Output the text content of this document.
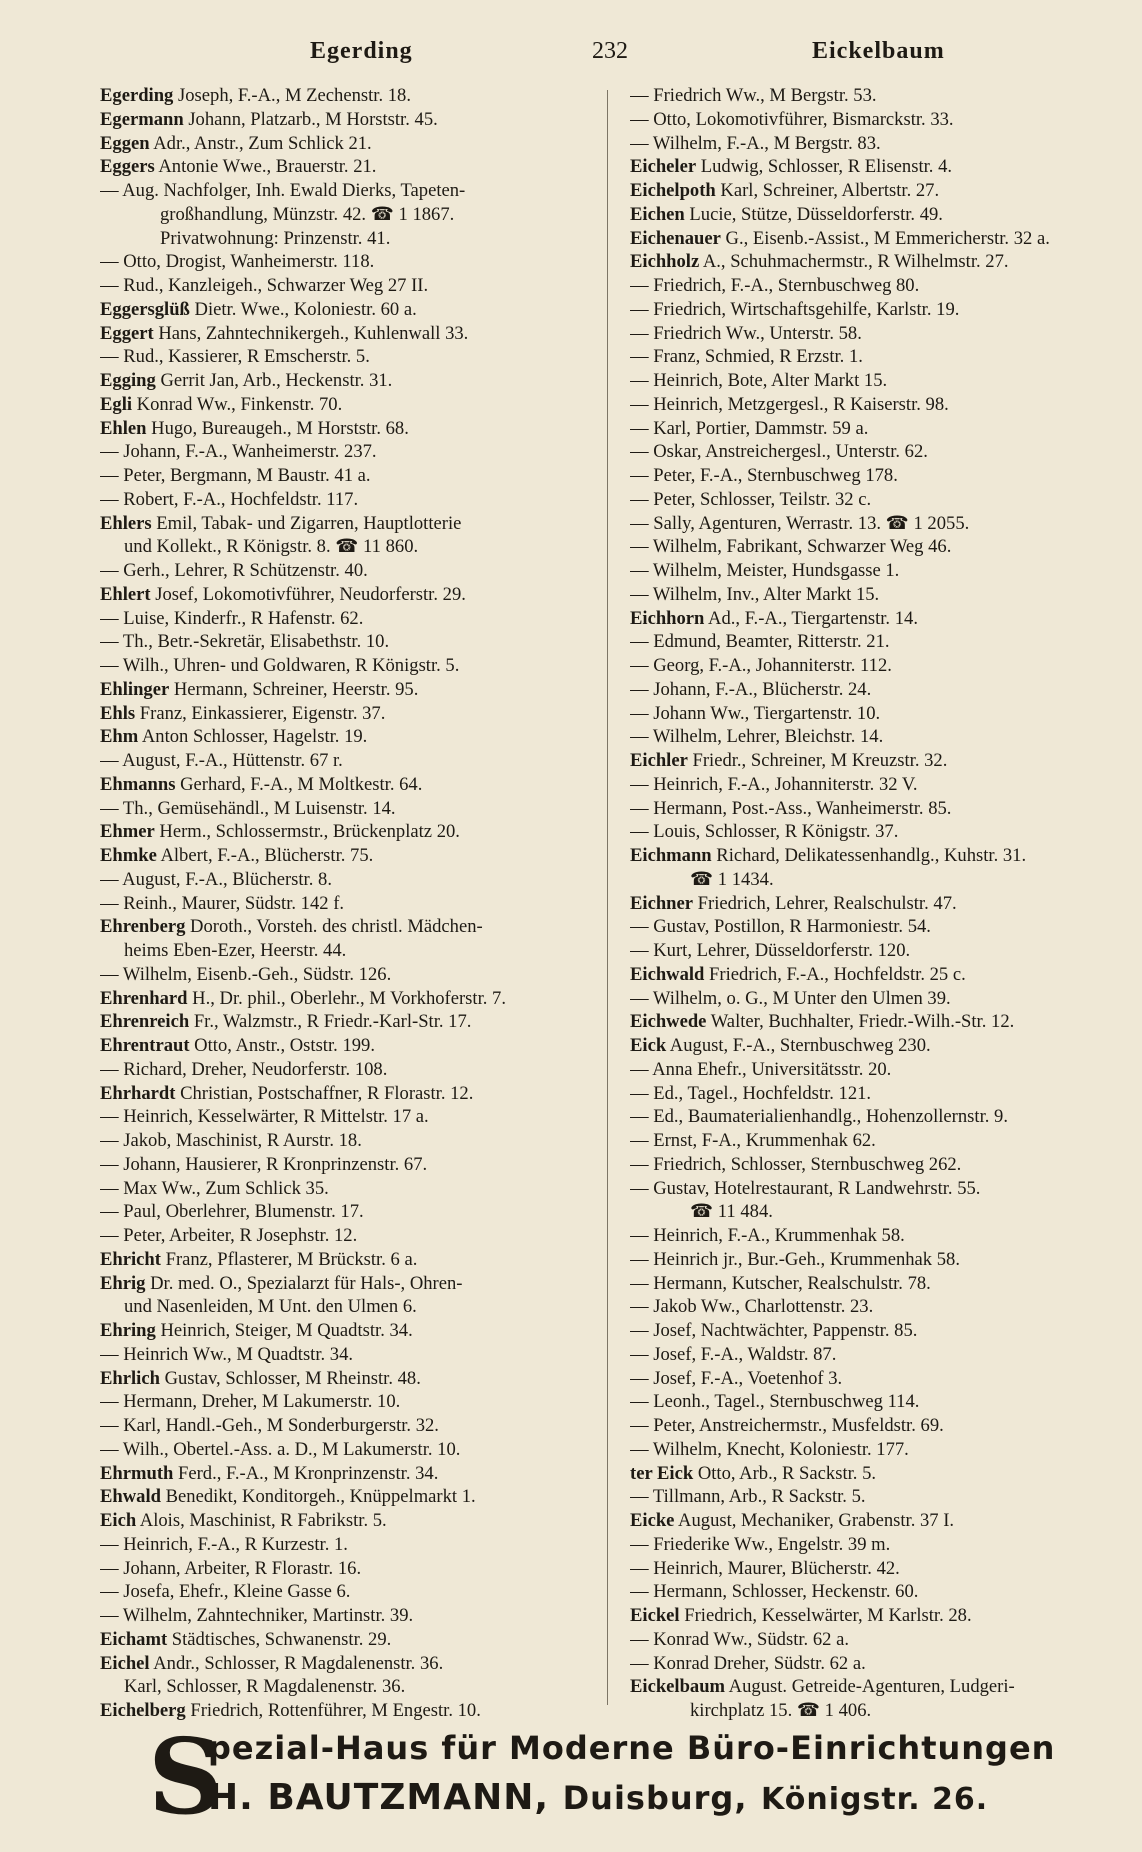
Egerding	232	Eickelbaum
Egerding Joseph, F.-A., M Zechenstr. 18.
Egermann Johann, Platzarb., M Horststr. 45.
Eggen Adr., Anstr., Zum Schlick 21.
Eggers Antonie Wwe., Brauerstr. 21.
— Aug. Nachfolger, Inh. Ewald Dierks, Tapeten-
großhandlung, Münzstr. 42. ☎ 1 1867.
Privatwohnung: Prinzenstr. 41.
— Otto, Drogist, Wanheimerstr. 118.
— Rud., Kanzleigeh., Schwarzer Weg 27 II.
Eggersglüß Dietr. Wwe., Koloniestr. 60 a.
Eggert Hans, Zahntechnikergeh., Kuhlenwall 33.
— Rud., Kassierer, R Emscherstr. 5.
Egging Gerrit Jan, Arb., Heckenstr. 31.
Egli Konrad Ww., Finkenstr. 70.
Ehlen Hugo, Bureaugeh., M Horststr. 68.
— Johann, F.-A., Wanheimerstr. 237.
— Peter, Bergmann, M Baustr. 41 a.
— Robert, F.-A., Hochfeldstr. 117.
Ehlers Emil, Tabak- und Zigarren, Hauptlotterie
und Kollekt., R Königstr. 8. ☎ 11 860.
— Gerh., Lehrer, R Schützenstr. 40.
Ehlert Josef, Lokomotivführer, Neudorferstr. 29.
— Luise, Kinderfr., R Hafenstr. 62.
— Th., Betr.-Sekretär, Elisabethstr. 10.
— Wilh., Uhren- und Goldwaren, R Königstr. 5.
Ehlinger Hermann, Schreiner, Heerstr. 95.
Ehls Franz, Einkassierer, Eigenstr. 37.
Ehm Anton Schlosser, Hagelstr. 19.
— August, F.-A., Hüttenstr. 67 r.
Ehmanns Gerhard, F.-A., M Moltkestr. 64.
— Th., Gemüsehändl., M Luisenstr. 14.
Ehmer Herm., Schlossermstr., Brückenplatz 20.
Ehmke Albert, F.-A., Blücherstr. 75.
— August, F.-A., Blücherstr. 8.
— Reinh., Maurer, Südstr. 142 f.
Ehrenberg Doroth., Vorsteh. des christl. Mädchen-
heims Eben-Ezer, Heerstr. 44.
— Wilhelm, Eisenb.-Geh., Südstr. 126.
Ehrenhard H., Dr. phil., Oberlehr., M Vorkhoferstr. 7.
Ehrenreich Fr., Walzmstr., R Friedr.-Karl-Str. 17.
Ehrentraut Otto, Anstr., Oststr. 199.
— Richard, Dreher, Neudorferstr. 108.
Ehrhardt Christian, Postschaffner, R Florastr. 12.
— Heinrich, Kesselwärter, R Mittelstr. 17 a.
— Jakob, Maschinist, R Aurstr. 18.
— Johann, Hausierer, R Kronprinzenstr. 67.
— Max Ww., Zum Schlick 35.
— Paul, Oberlehrer, Blumenstr. 17.
— Peter, Arbeiter, R Josephstr. 12.
Ehricht Franz, Pflasterer, M Brückstr. 6 a.
Ehrig Dr. med. O., Spezialarzt für Hals-, Ohren-
und Nasenleiden, M Unt. den Ulmen 6.
Ehring Heinrich, Steiger, M Quadtstr. 34.
— Heinrich Ww., M Quadtstr. 34.
Ehrlich Gustav, Schlosser, M Rheinstr. 48.
— Hermann, Dreher, M Lakumerstr. 10.
— Karl, Handl.-Geh., M Sonderburgerstr. 32.
— Wilh., Obertel.-Ass. a. D., M Lakumerstr. 10.
Ehrmuth Ferd., F.-A., M Kronprinzenstr. 34.
Ehwald Benedikt, Konditorgeh., Knüppelmarkt 1.
Eich Alois, Maschinist, R Fabrikstr. 5.
— Heinrich, F.-A., R Kurzestr. 1.
— Johann, Arbeiter, R Florastr. 16.
— Josefa, Ehefr., Kleine Gasse 6.
— Wilhelm, Zahntechniker, Martinstr. 39.
Eichamt Städtisches, Schwanenstr. 29.
Eichel Andr., Schlosser, R Magdalenenstr. 36.
Karl, Schlosser, R Magdalenenstr. 36.
Eichelberg Friedrich, Rottenführer, M Engestr. 10.
— Friedrich Ww., M Bergstr. 53.
— Otto, Lokomotivführer, Bismarckstr. 33.
— Wilhelm, F.-A., M Bergstr. 83.
Eicheler Ludwig, Schlosser, R Elisenstr. 4.
Eichelpoth Karl, Schreiner, Albertstr. 27.
Eichen Lucie, Stütze, Düsseldorferstr. 49.
Eichenauer G., Eisenb.-Assist., M Emmericherstr. 32 a.
Eichholz A., Schuhmachermstr., R Wilhelmstr. 27.
— Friedrich, F.-A., Sternbuschweg 80.
— Friedrich, Wirtschaftsgehilfe, Karlstr. 19.
— Friedrich Ww., Unterstr. 58.
— Franz, Schmied, R Erzstr. 1.
— Heinrich, Bote, Alter Markt 15.
— Heinrich, Metzgergesl., R Kaiserstr. 98.
— Karl, Portier, Dammstr. 59 a.
— Oskar, Anstreichergesl., Unterstr. 62.
— Peter, F.-A., Sternbuschweg 178.
— Peter, Schlosser, Teilstr. 32 c.
— Sally, Agenturen, Werrastr. 13. ☎ 1 2055.
— Wilhelm, Fabrikant, Schwarzer Weg 46.
— Wilhelm, Meister, Hundsgasse 1.
— Wilhelm, Inv., Alter Markt 15.
Eichhorn Ad., F.-A., Tiergartenstr. 14.
— Edmund, Beamter, Ritterstr. 21.
— Georg, F.-A., Johanniterstr. 112.
— Johann, F.-A., Blücherstr. 24.
— Johann Ww., Tiergartenstr. 10.
— Wilhelm, Lehrer, Bleichstr. 14.
Eichler Friedr., Schreiner, M Kreuzstr. 32.
— Heinrich, F.-A., Johanniterstr. 32 V.
— Hermann, Post.-Ass., Wanheimerstr. 85.
— Louis, Schlosser, R Königstr. 37.
Eichmann Richard, Delikatessenhandlg., Kuhstr. 31.
☎ 1 1434.
Eichner Friedrich, Lehrer, Realschulstr. 47.
— Gustav, Postillon, R Harmoniestr. 54.
— Kurt, Lehrer, Düsseldorferstr. 120.
Eichwald Friedrich, F.-A., Hochfeldstr. 25 c.
— Wilhelm, o. G., M Unter den Ulmen 39.
Eichwede Walter, Buchhalter, Friedr.-Wilh.-Str. 12.
Eick August, F.-A., Sternbuschweg 230.
— Anna Ehefr., Universitätsstr. 20.
— Ed., Tagel., Hochfeldstr. 121.
— Ed., Baumaterialienhandlg., Hohenzollernstr. 9.
— Ernst, F-A., Krummenhak 62.
— Friedrich, Schlosser, Sternbuschweg 262.
— Gustav, Hotelrestaurant, R Landwehrstr. 55.
☎ 11 484.
— Heinrich, F.-A., Krummenhak 58.
— Heinrich jr., Bur.-Geh., Krummenhak 58.
— Hermann, Kutscher, Realschulstr. 78.
— Jakob Ww., Charlottenstr. 23.
— Josef, Nachtwächter, Pappenstr. 85.
— Josef, F.-A., Waldstr. 87.
— Josef, F.-A., Voetenhof 3.
— Leonh., Tagel., Sternbuschweg 114.
— Peter, Anstreichermstr., Musfeldstr. 69.
— Wilhelm, Knecht, Koloniestr. 177.
ter Eick Otto, Arb., R Sackstr. 5.
— Tillmann, Arb., R Sackstr. 5.
Eicke August, Mechaniker, Grabenstr. 37 I.
— Friederike Ww., Engelstr. 39 m.
— Heinrich, Maurer, Blücherstr. 42.
— Hermann, Schlosser, Heckenstr. 60.
Eickel Friedrich, Kesselwärter, M Karlstr. 28.
— Konrad Ww., Südstr. 62 a.
— Konrad Dreher, Südstr. 62 a.
Eickelbaum August. Getreide-Agenturen, Ludgeri-
kirchplatz 15. ☎ 1 406.
S
pezial-Haus für Moderne Büro-Einrichtungen
H. BAUTZMANN, Duisburg, Königstr. 26.
